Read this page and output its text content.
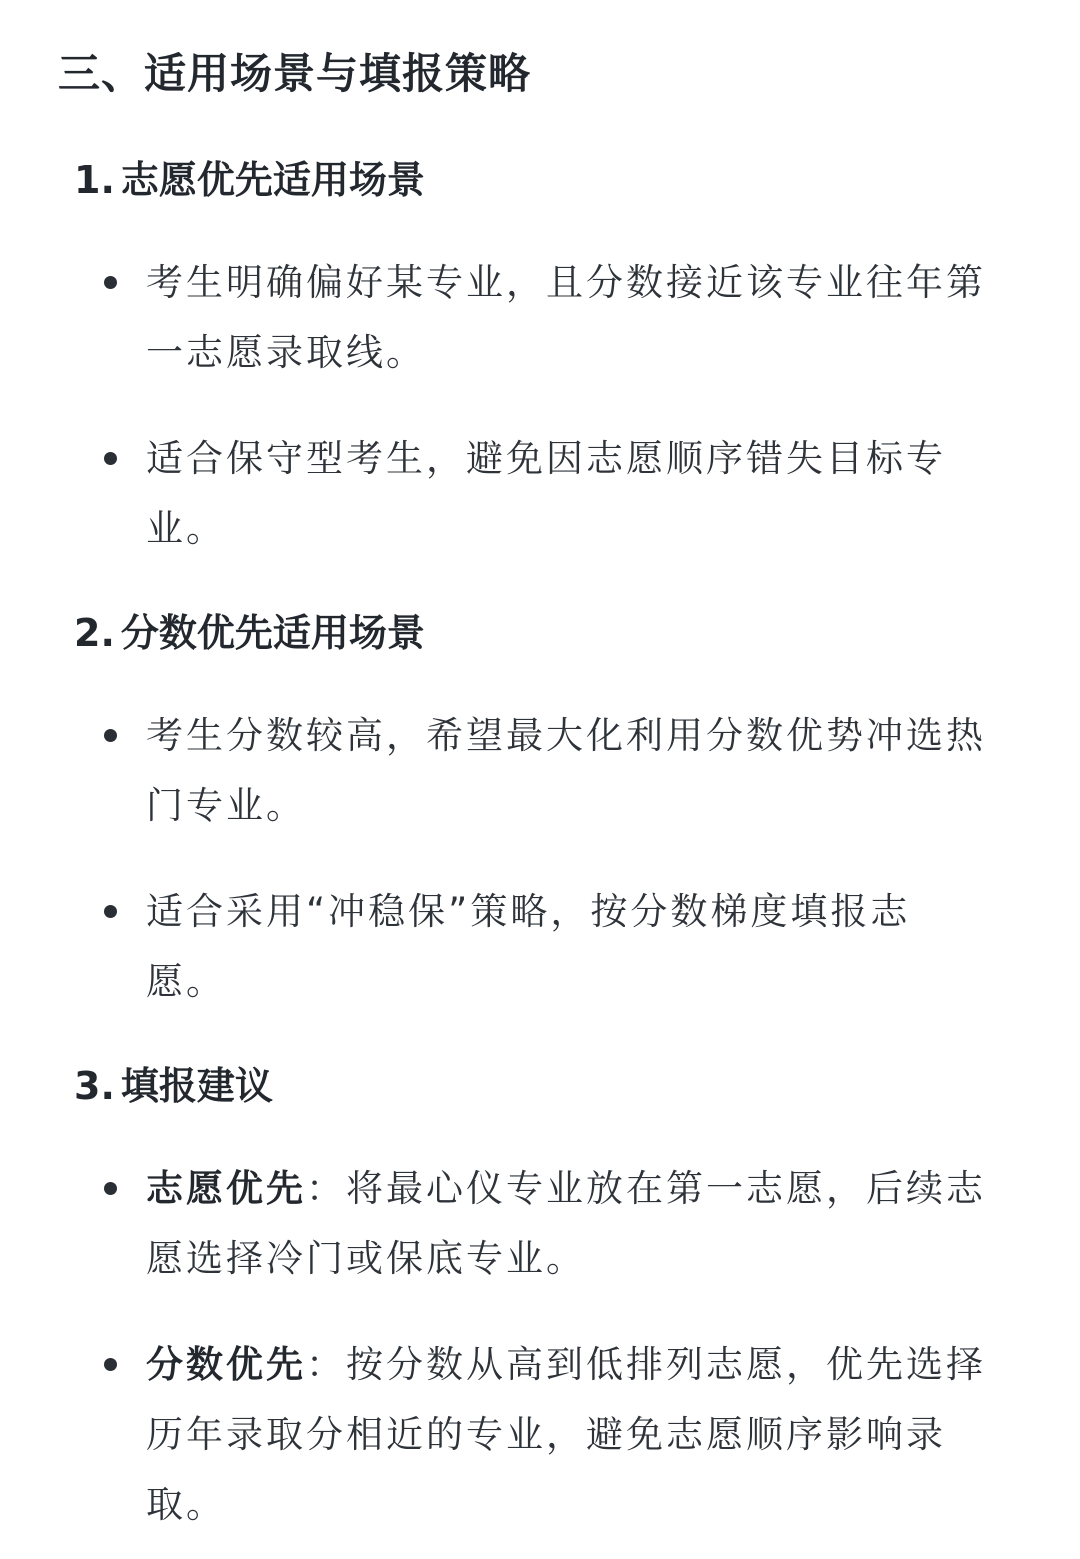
三、适用场景与填报策略
1. 志愿优先适用场景
考生明确偏好某专业，且分数接近该专业往年第一志愿录取线。
适合保守型考生，避免因志愿顺序错失目标专业。
2. 分数优先适用场景
考生分数较高，希望最大化利用分数优势冲选热门专业。
适合采用“冲稳保”策略，按分数梯度填报志愿。
3. 填报建议
志愿优先：将最心仪专业放在第一志愿，后续志愿选择冷门或保底专业。
分数优先：按分数从高到低排列志愿，优先选择历年录取分相近的专业，避免志愿顺序影响录取。
